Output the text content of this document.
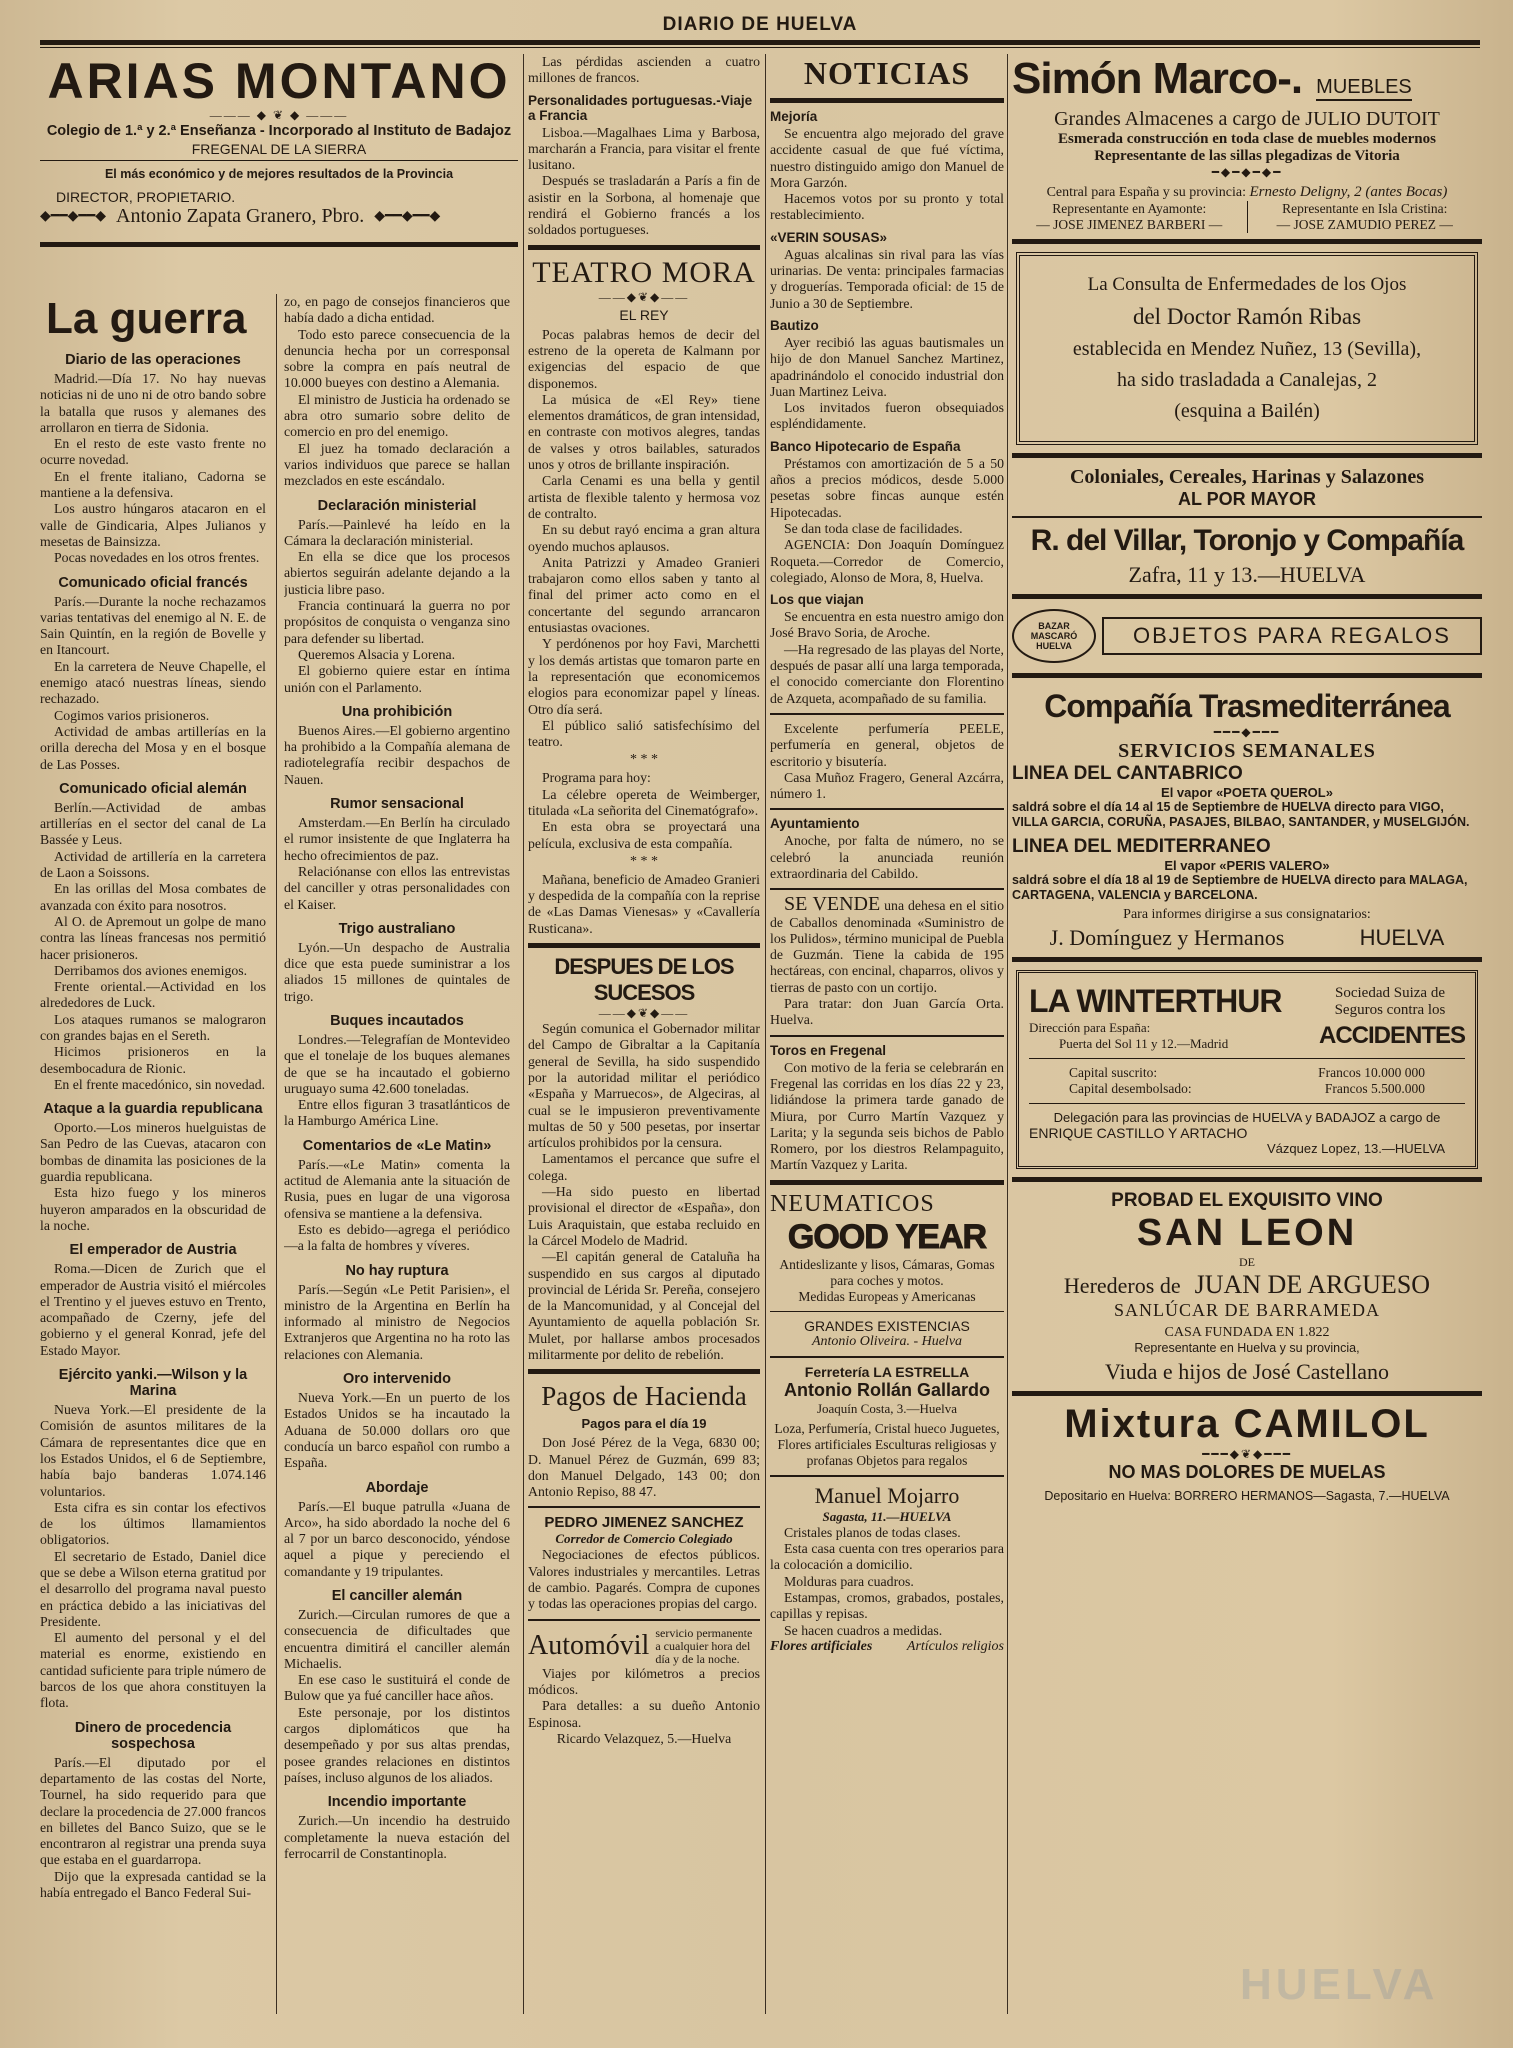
DIARIO DE HUELVA
ARIAS MONTANO
——— ◆ ❦ ◆ ———
Colegio de 1.ª y 2.ª Enseñanza - Incorporado al Instituto de Badajoz
FREGENAL DE LA SIERRA
El más económico y de mejores resultados de la Provincia
DIRECTOR, PROPIETARIO.
◆━━◆━━◆ Antonio Zapata Granero, Pbro. ◆━━◆━━◆
La guerra
Diario de las operaciones

Madrid.—Día 17. No hay nuevas noticias ni de uno ni de otro bando sobre la batalla que rusos y alemanes des arrollaron en tierra de Sidonia.

En el resto de este vasto frente no ocurre novedad.

En el frente italiano, Cadorna se mantiene a la defensiva.

Los austro húngaros atacaron en el valle de Gindicaria, Alpes Julianos y mesetas de Bainsizza.

Pocas novedades en los otros frentes.

Comunicado oficial francés

París.—Durante la noche rechazamos varias tentativas del enemigo al N. E. de Sain Quintín, en la región de Bovelle y en Itancourt.

En la carretera de Neuve Chapelle, el enemigo atacó nuestras líneas, siendo rechazado.

Cogimos varios prisioneros.

Actividad de ambas artillerías en la orilla derecha del Mosa y en el bosque de Las Posses.

Comunicado oficial alemán

Berlín.—Actividad de ambas artillerías en el sector del canal de La Bassée y Leus.

Actividad de artillería en la carretera de Laon a Soissons.

En las orillas del Mosa combates de avanzada con éxito para nosotros.

Al O. de Apremout un golpe de mano contra las líneas francesas nos permitió hacer prisioneros.

Derribamos dos aviones enemigos.

Frente oriental.—Actividad en los alrededores de Luck.

Los ataques rumanos se malograron con grandes bajas en el Sereth.

Hicimos prisioneros en la desembocadura de Rionic.

En el frente macedónico, sin novedad.

Ataque a la guardia republicana

Oporto.—Los mineros huelguistas de San Pedro de las Cuevas, atacaron con bombas de dinamita las posiciones de la guardia republicana.

Esta hizo fuego y los mineros huyeron amparados en la obscuridad de la noche.

El emperador de Austria

Roma.—Dicen de Zurich que el emperador de Austria visitó el miércoles el Trentino y el jueves estuvo en Trento, acompañado de Czerny, jefe del gobierno y el general Konrad, jefe del Estado Mayor.

Ejército yanki.—Wilson y la Marina

Nueva York.—El presidente de la Comisión de asuntos militares de la Cámara de representantes dice que en los Estados Unidos, el 6 de Septiembre, había bajo banderas 1.074.146 voluntarios.

Esta cifra es sin contar los efectivos de los últimos llamamientos obligatorios.

El secretario de Estado, Daniel dice que se debe a Wilson eterna gratitud por el desarrollo del programa naval puesto en práctica debido a las iniciativas del Presidente.

El aumento del personal y el del material es enorme, existiendo en cantidad suficiente para triple número de barcos de los que ahora constituyen la flota.

Dinero de procedencia sospechosa

París.—El diputado por el departamento de las costas del Norte, Tournel, ha sido requerido para que declare la procedencia de 27.000 francos en billetes del Banco Suizo, que se le encontraron al registrar una prenda suya que estaba en el guardarropa.

Dijo que la expresada cantidad se la había entregado el Banco Federal Sui-

zo, en pago de consejos financieros que había dado a dicha entidad.

Todo esto parece consecuencia de la denuncia hecha por un corresponsal sobre la compra en país neutral de 10.000 bueyes con destino a Alemania.

El ministro de Justicia ha ordenado se abra otro sumario sobre delito de comercio en pro del enemigo.

El juez ha tomado declaración a varios individuos que parece se hallan mezclados en este escándalo.

Declaración ministerial

París.—Painlevé ha leído en la Cámara la declaración ministerial.

En ella se dice que los procesos abiertos seguirán adelante dejando a la justicia libre paso.

Francia continuará la guerra no por propósitos de conquista o venganza sino para defender su libertad.

Queremos Alsacia y Lorena.

El gobierno quiere estar en íntima unión con el Parlamento.

Una prohibición

Buenos Aires.—El gobierno argentino ha prohibido a la Compañía alemana de radiotelegrafía recibir despachos de Nauen.

Rumor sensacional

Amsterdam.—En Berlín ha circulado el rumor insistente de que Inglaterra ha hecho ofrecimientos de paz.

Relaciónanse con ellos las entrevistas del canciller y otras personalidades con el Kaiser.

Trigo australiano

Lyón.—Un despacho de Australia dice que esta puede suministrar a los aliados 15 millones de quintales de trigo.

Buques incautados

Londres.—Telegrafían de Montevideo que el tonelaje de los buques alemanes de que se ha incautado el gobierno uruguayo suma 42.600 toneladas.

Entre ellos figuran 3 trasatlánticos de la Hamburgo América Line.

Comentarios de «Le Matin»

París.—«Le Matin» comenta la actitud de Alemania ante la situación de Rusia, pues en lugar de una vigorosa ofensiva se mantiene a la defensiva.

Esto es debido—agrega el periódico—a la falta de hombres y víveres.

No hay ruptura

París.—Según «Le Petit Parisien», el ministro de la Argentina en Berlín ha informado al ministro de Negocios Extranjeros que Argentina no ha roto las relaciones con Alemania.

Oro intervenido

Nueva York.—En un puerto de los Estados Unidos se ha incautado la Aduana de 50.000 dollars oro que conducía un barco español con rumbo a España.

Abordaje

París.—El buque patrulla «Juana de Arco», ha sido abordado la noche del 6 al 7 por un barco desconocido, yéndose aquel a pique y pereciendo el comandante y 19 tripulantes.

El canciller alemán

Zurich.—Circulan rumores de que a consecuencia de dificultades que encuentra dimitirá el canciller alemán Michaelis.

En ese caso le sustituirá el conde de Bulow que ya fué canciller hace años.

Este personaje, por los distintos cargos diplomáticos que ha desempeñado y por sus altas prendas, posee grandes relaciones en distintos países, incluso algunos de los aliados.

Incendio importante

Zurich.—Un incendio ha destruido completamente la nueva estación del ferrocarril de Constantinopla.

Las pérdidas ascienden a cuatro millones de francos.

Personalidades portuguesas.-Viaje a Francia

Lisboa.—Magalhaes Lima y Barbosa, marcharán a Francia, para visitar el frente lusitano.

Después se trasladarán a París a fin de asistir en la Sorbona, al homenaje que rendirá el Gobierno francés a los soldados portugueses.

TEATRO MORA
——◆❦◆——
EL REY

Pocas palabras hemos de decir del estreno de la opereta de Kalmann por exigencias del espacio de que disponemos.

La música de «El Rey» tiene elementos dramáticos, de gran intensidad, en contraste con motivos alegres, tandas de valses y otros bailables, saturados unos y otros de brillante inspiración.

Carla Cenami es una bella y gentil artista de flexible talento y hermosa voz de contralto.

En su debut rayó encima a gran altura oyendo muchos aplausos.

Anita Patrizzi y Amadeo Granieri trabajaron como ellos saben y tanto al final del primer acto como en el concertante del segundo arrancaron entusiastas ovaciones.

Y perdónenos por hoy Favi, Marchetti y los demás artistas que tomaron parte en la representación que economicemos elogios para economizar papel y líneas. Otro día será.

El público salió satisfechísimo del teatro.

* * *

Programa para hoy:

La célebre opereta de Weimberger, titulada «La señorita del Cinematógrafo».

En esta obra se proyectará una película, exclusiva de esta compañía.

* * *

Mañana, beneficio de Amadeo Granieri y despedida de la compañía con la reprise de «Las Damas Vienesas» y «Cavallería Rusticana».

DESPUES DE LOS SUCESOS
——◆❦◆——

Según comunica el Gobernador militar del Campo de Gibraltar a la Capitanía general de Sevilla, ha sido suspendido por la autoridad militar el periódico «España y Marruecos», de Algeciras, al cual se le impusieron preventivamente multas de 50 y 500 pesetas, por insertar artículos prohibidos por la censura.

Lamentamos el percance que sufre el colega.

—Ha sido puesto en libertad provisional el director de «España», don Luis Araquistain, que estaba recluido en la Cárcel Modelo de Madrid.

—El capitán general de Cataluña ha suspendido en sus cargos al diputado provincial de Lérida Sr. Pereña, consejero de la Mancomunidad, y al Concejal del Ayuntamiento de aquella población Sr. Mulet, por hallarse ambos procesados militarmente por delito de rebelión.

Pagos de Hacienda
Pagos para el día 19

Don José Pérez de la Vega, 6830 00; D. Manuel Pérez de Guzmán, 699 83; don Manuel Delgado, 143 00; don Antonio Repiso, 88 47.

PEDRO JIMENEZ SANCHEZ
Corredor de Comercio Colegiado

Negociaciones de efectos públicos. Valores industriales y mercantiles. Letras de cambio. Pagarés. Compra de cupones y todas las operaciones propias del cargo.

Automóvil servicio permanente a cualquier hora del día y de la noche.

Viajes por kilómetros a precios módicos.

Para detalles: a su dueño Antonio Espinosa.

Ricardo Velazquez, 5.—Huelva

NOTICIAS
Mejoría

Se encuentra algo mejorado del grave accidente casual de que fué víctima, nuestro distinguido amigo don Manuel de Mora Garzón.

Hacemos votos por su pronto y total restablecimiento.

«VERIN SOUSAS»

Aguas alcalinas sin rival para las vías urinarias. De venta: principales farmacias y droguerías. Temporada oficial: de 15 de Junio a 30 de Septiembre.

Bautizo

Ayer recibió las aguas bautismales un hijo de don Manuel Sanchez Martinez, apadrinándolo el conocido industrial don Juan Martinez Leiva.

Los invitados fueron obsequiados espléndidamente.

Banco Hipotecario de España

Préstamos con amortización de 5 a 50 años a precios módicos, desde 5.000 pesetas sobre fincas aunque estén Hipotecadas.

Se dan toda clase de facilidades.

AGENCIA: Don Joaquín Domínguez Roqueta.—Corredor de Comercio, colegiado, Alonso de Mora, 8, Huelva.

Los que viajan

Se encuentra en esta nuestro amigo don José Bravo Soria, de Aroche.

—Ha regresado de las playas del Norte, después de pasar allí una larga temporada, el conocido comerciante don Florentino de Azqueta, acompañado de su familia.

Excelente perfumería PEELE, perfumería en general, objetos de escritorio y bisutería.

Casa Muñoz Fragero, General Azcárra, número 1.

Ayuntamiento

Anoche, por falta de número, no se celebró la anunciada reunión extraordinaria del Cabildo.

SE VENDE una dehesa en el sitio de Caballos denominada «Suministro de los Pulidos», término municipal de Puebla de Guzmán. Tiene la cabida de 195 hectáreas, con encinal, chaparros, olivos y tierras de pasto con un cortijo.

Para tratar: don Juan García Orta. Huelva.

Toros en Fregenal

Con motivo de la feria se celebrarán en Fregenal las corridas en los días 22 y 23, lidiándose la primera tarde ganado de Miura, por Curro Martín Vazquez y Larita; y la segunda seis bichos de Pablo Romero, por los diestros Relampaguito, Martín Vazquez y Larita.

NEUMATICOS
GOOD YEAR
Antideslizante y lisos, Cámaras, Gomas para coches y motos.
Medidas Europeas y Americanas
GRANDES EXISTENCIAS
Antonio Oliveira. - Huelva
Ferretería LA ESTRELLA
Antonio Rollán Gallardo
Joaquín Costa, 3.—Huelva
Loza, Perfumería, Cristal hueco Juguetes, Flores artificiales Esculturas religiosas y profanas Objetos para regalos
Manuel Mojarro
Sagasta, 11.—HUELVA

Cristales planos de todas clases.

Esta casa cuenta con tres operarios para la colocación a domicilio.

Molduras para cuadros.

Estampas, cromos, grabados, postales, capillas y repisas.

Se hacen cuadros a medidas.

Flores artificiales Artículos religios
Simón Marco-. MUEBLES
Grandes Almacenes a cargo de JULIO DUTOIT
Esmerada construcción en toda clase de muebles modernos
Representante de las sillas plegadizas de Vitoria
━◆━◆━◆━
Central para España y su provincia: Ernesto Deligny, 2 (antes Bocas)
Representante en Ayamonte:
— JOSE JIMENEZ BARBERI —
Representante en Isla Cristina:
— JOSE ZAMUDIO PEREZ —
La Consulta de Enfermedades de los Ojos
del Doctor Ramón Ribas
establecida en Mendez Nuñez, 13 (Sevilla),
ha sido trasladada a Canalejas, 2
(esquina a Bailén)
Coloniales, Cereales, Harinas y Salazones
AL POR MAYOR
R. del Villar, Toronjo y Compañía
Zafra, 11 y 13.—HUELVA
BAZAR MASCARÓ HUELVA	OBJETOS PARA REGALOS
Compañía Trasmediterránea
━━━◆━━━
SERVICIOS SEMANALES
LINEA DEL CANTABRICO
El vapor «POETA QUEROL»
saldrá sobre el día 14 al 15 de Septiembre de HUELVA directo para VIGO, VILLA GARCIA, CORUÑA, PASAJES, BILBAO, SANTANDER, y MUSELGIJÓN.
LINEA DEL MEDITERRANEO
El vapor «PERIS VALERO»
saldrá sobre el día 18 al 19 de Septiembre de HUELVA directo para MALAGA, CARTAGENA, VALENCIA y BARCELONA.
Para informes dirigirse a sus consignatarios:
J. Domínguez y Hermanos	HUELVA
LA WINTERTHUR	Sociedad Suiza de Seguros contra los
Dirección para España:
Puerta del Sol 11 y 12.—Madrid	ACCIDENTES
Capital suscrito:	Francos 10.000 000
Capital desembolsado:	Francos 5.500.000
Delegación para las provincias de HUELVA y BADAJOZ a cargo de
ENRIQUE CASTILLO Y ARTACHO
Vázquez Lopez, 13.—HUELVA
PROBAD EL EXQUISITO VINO
SAN LEON
DE
Herederos de JUAN DE ARGUESO
SANLÚCAR DE BARRAMEDA
CASA FUNDADA EN 1.822
Representante en Huelva y su provincia,
Viuda e hijos de José Castellano
Mixtura CAMILOL
━━━◆❦◆━━━
NO MAS DOLORES DE MUELAS
Depositario en Huelva: BORRERO HERMANOS—Sagasta, 7.—HUELVA
HUELVA
